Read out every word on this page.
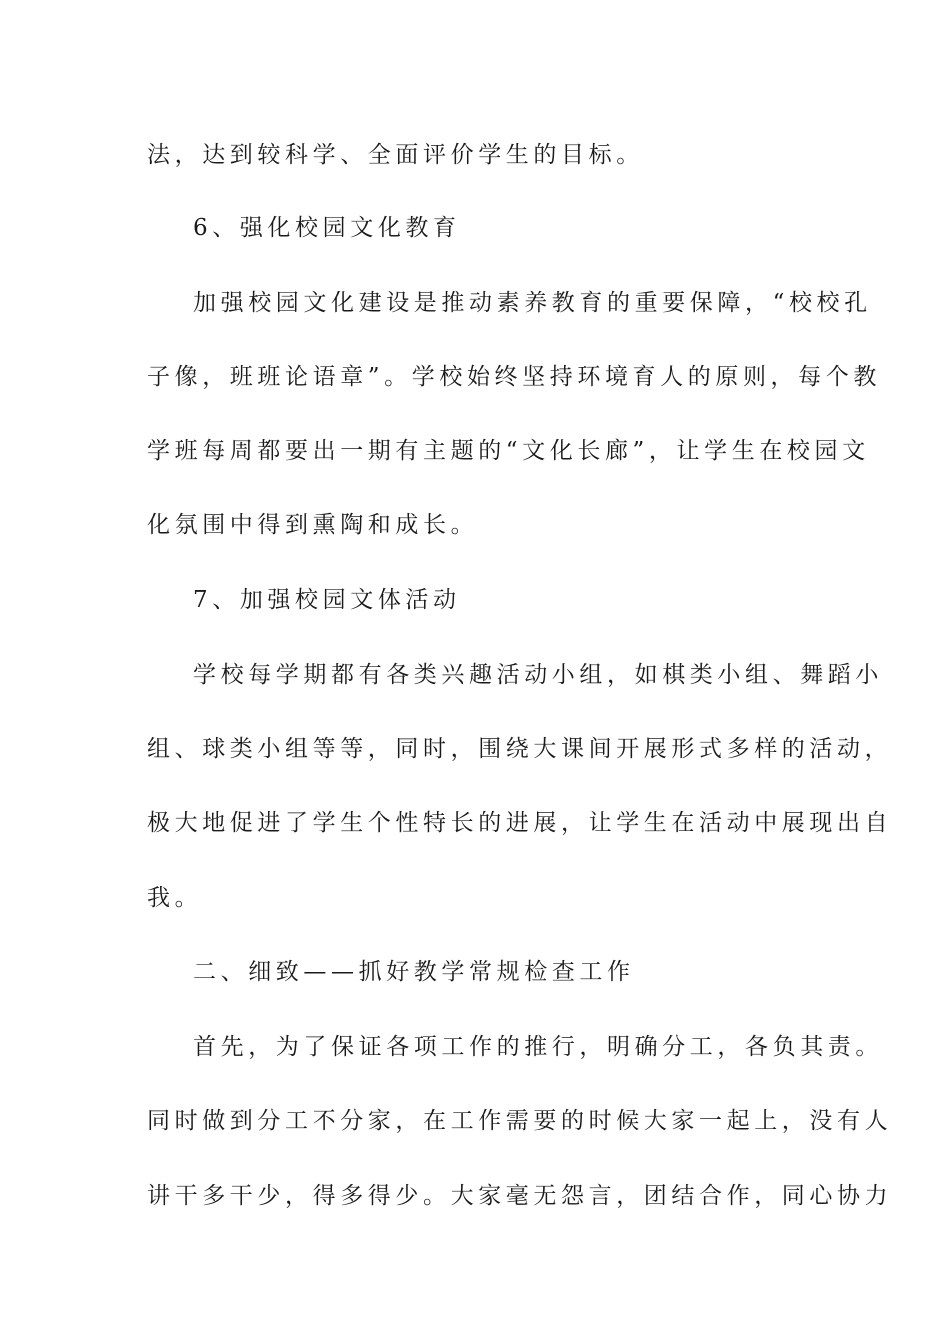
法，达到较科学、全面评价学生的目标。
6、强化校园文化教育
加强校园文化建设是推动素养教育的重要保障，“校校孔
子像，班班论语章”。学校始终坚持环境育人的原则，每个教
学班每周都要出一期有主题的“文化长廊”，让学生在校园文
化氛围中得到熏陶和成长。
7、加强校园文体活动
学校每学期都有各类兴趣活动小组，如棋类小组、舞蹈小
组、球类小组等等，同时，围绕大课间开展形式多样的活动，
极大地促进了学生个性特长的进展，让学生在活动中展现出自
我。
二、细致——抓好教学常规检查工作
首先，为了保证各项工作的推行，明确分工，各负其责。
同时做到分工不分家，在工作需要的时候大家一起上，没有人
讲干多干少，得多得少。大家毫无怨言，团结合作，同心协力
